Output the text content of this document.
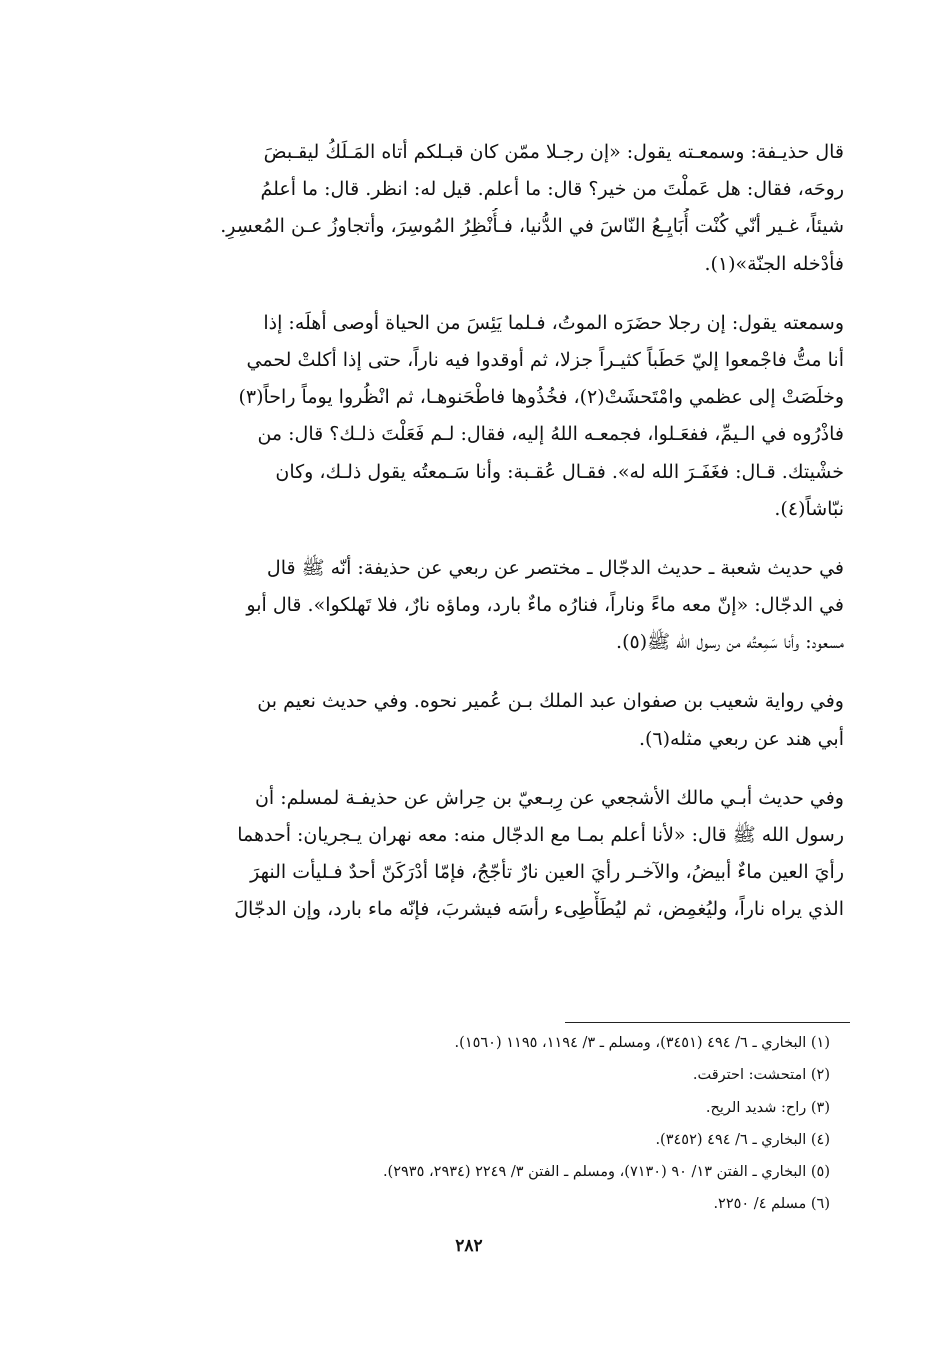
قال حذيـفة: وسمعـته يقول: «إن رجـلا ممّن كان قبـلكم أتاه المَـلَكُ ليقـبضَ
روحَه، فقال: هل عَملْتَ من خير؟ قال: ما أعلم. قيل له: انظر. قال: ما أعلمُ
شيئاً، غـير أنّي كُنْت أُبَايِـعُ النّاسَ في الدُّنيا، فـأُنْظِرُ المُوسِرَ، وأتجاوزُ عـن المُعسِرِ.
فأدْخله الجنّة»(١).

وسمعته يقول: إن رجلا حضَرَه الموتُ، فـلما يَئِسَ من الحياة أوصى أهلَه: إذا
أنا متُّ فاجْمعوا إليّ حَطَباً كثيـراً جزلا، ثم أوقدوا فيه ناراً، حتى إذا أكلتْ لحمي
وخلَصَتْ إلى عظمي وامْتَحشَتْ(٢)، فخُذُوها فاطْحَنوهـا، ثم انْظُروا يوماً راحاً(٣)
فاذْرُوه في الـيمِّ، ففعَـلوا، فجمعـه اللهُ إليه، فقال: لـم فَعَلْتَ ذلـك؟ قال: من
خشْيتك. قـال: فغَفَـرَ الله له». فقـال عُقـبة: وأنا سَـمعتُه يقول ذلـك، وكان
نبّاشاً(٤).

في حديث شعبة ـ حديث الدجّال ـ مختصر عن ربعي عن حذيفة: أنّه ﷺ قال
في الدجّال: «إنّ معه ماءً وناراً، فنارُه ماءٌ بارد، وماؤه نارٌ، فلا تَهلكوا». قال أبو
مسعود: وأنا سَمِعتُه من رسول الله ﷺ(٥).

وفي رواية شعيب بن صفوان عبد الملك بـن عُمير نحوه. وفي حديث نعيم بن
أبي هند عن ربعي مثله(٦).

وفي حديث أبـي مالك الأشجعي عن رِبـعيّ بن حِراش عن حذيفـة لمسلم: أن
رسول الله ﷺ قال: «لأنا أعلم بمـا مع الدجّال منه: معه نهران يـجريان: أحدهما
رأيَ العين ماءٌ أبيضُ، والآخـر رأيَ العين نارٌ تأجّجُ، فإمّا أدْرَكَنّ أحدٌ فـليأت النهرَ
الذي يراه ناراً، وليُغمِض، ثم ليُطَأْطِىء رأسَه فيشربَ، فإنّه ماء بارد، وإن الدجّالَ

(١) البخاري ـ ٦/ ٤٩٤ (٣٤٥١)، ومسلم ـ ٣/ ١١٩٤، ١١٩٥ (١٥٦٠).
(٢) امتحشت: احترقت.
(٣) راح: شديد الريح.
(٤) البخاري ـ ٦/ ٤٩٤ (٣٤٥٢).
(٥) البخاري ـ الفتن ١٣/ ٩٠ (٧١٣٠)، ومسلم ـ الفتن ٣/ ٢٢٤٩ (٢٩٣٤، ٢٩٣٥).
(٦) مسلم ٤/ ٢٢٥٠.
٢٨٢
